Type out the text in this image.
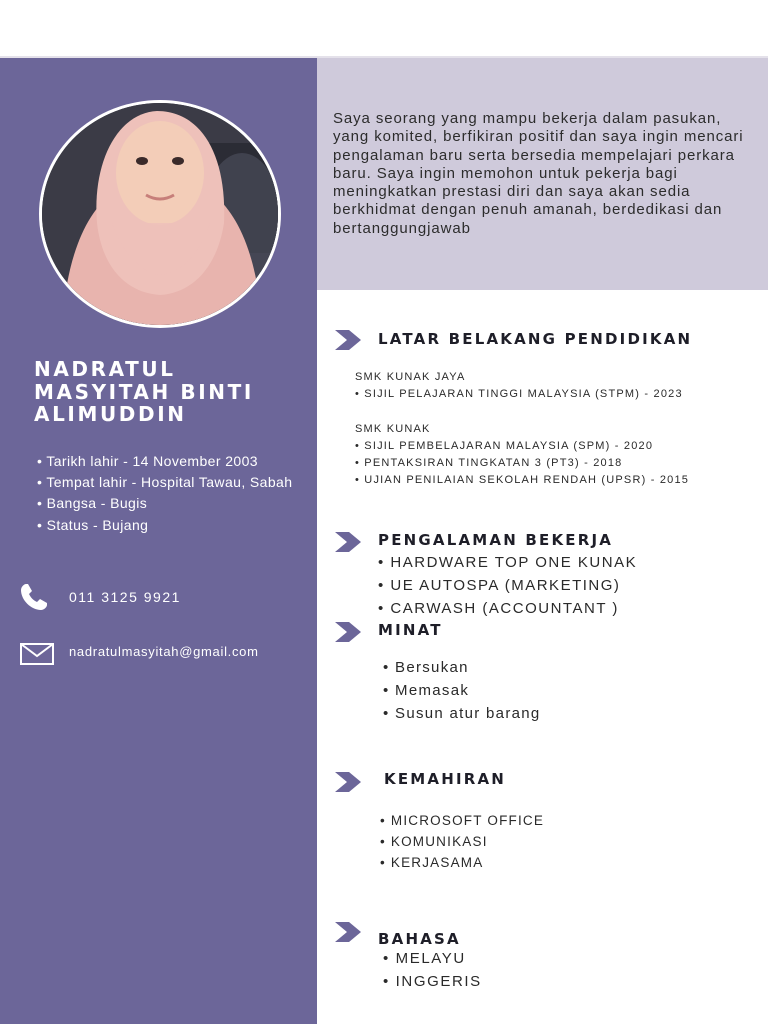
Saya seorang yang mampu bekerja dalam pasukan, yang komited, berfikiran positif dan saya ingin mencari pengalaman baru serta bersedia mempelajari perkara baru. Saya ingin memohon untuk pekerja bagi meningkatkan prestasi diri dan saya akan sedia berkhidmat dengan penuh amanah, berdedikasi dan bertanggungjawab

NADRATUL
MASYITAH BINTI
ALIMUDDIN
• Tarikh lahir - 14 November 2003
• Tempat lahir - Hospital Tawau, Sabah
• Bangsa - Bugis
• Status - Bujang
011 3125 9921
nadratulmasyitah@gmail.com
LATAR BELAKANG PENDIDIKAN
SMK KUNAK JAYA
• SIJIL PELAJARAN TINGGI MALAYSIA (STPM) - 2023
SMK KUNAK
• SIJIL PEMBELAJARAN MALAYSIA (SPM) - 2020
• PENTAKSIRAN TINGKATAN 3 (PT3) - 2018
• UJIAN PENILAIAN SEKOLAH RENDAH (UPSR) - 2015
PENGALAMAN BEKERJA
• HARDWARE TOP ONE KUNAK
• UE AUTOSPA (MARKETING)
• CARWASH (ACCOUNTANT )
MINAT
• Bersukan
• Memasak
• Susun atur barang
KEMAHIRAN
• MICROSOFT OFFICE
• KOMUNIKASI
• KERJASAMA
BAHASA
• MELAYU
• INGGERIS
